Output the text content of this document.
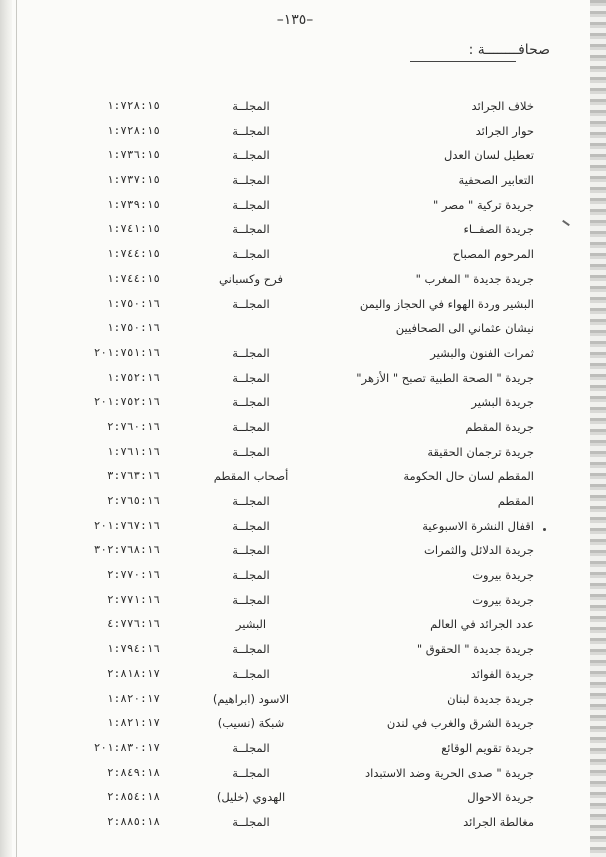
–١٣٥–
صحافــــــــة :
خلاف الجرائد
المجلــة
١:٧٢٨:١٥
حوار الجرائد
المجلــة
١:٧٢٨:١٥
تعطيل لسان العدل
المجلــة
١:٧٣٦:١٥
التعابير الصحفية
المجلــة
١:٧٣٧:١٥
جريدة تركية " مصر "
المجلــة
١:٧٣٩:١٥
جريدة الصفــاء
المجلــة
١:٧٤١:١٥
المرحوم المصباح
المجلــة
١:٧٤٤:١٥
جريدة جديدة " المغرب "
فرح وكسباني
١:٧٤٤:١٥
البشير وردة الهواء في الحجاز واليمن
المجلــة
١:٧٥٠:١٦
نيشان عثماني الى الصحافيين
١:٧٥٠:١٦
ثمرات الفنون والبشير
المجلــة
٢٠١:٧٥١:١٦
جريدة " الصحة الطبية تصبح " الأزهر"
المجلــة
١:٧٥٢:١٦
جريدة البشير
المجلــة
٢٠١:٧٥٢:١٦
جريدة المقطم
المجلــة
٢:٧٦٠:١٦
جريدة ترجمان الحقيقة
المجلــة
١:٧٦١:١٦
المقطم لسان حال الحكومة
أصحاب المقطم
٣:٧٦٣:١٦
المقطم
المجلــة
٢:٧٦٥:١٦
اقفال النشرة الاسبوعية
المجلــة
٢٠١:٧٦٧:١٦
جريدة الدلائل والثمرات
المجلــة
٣٠٢:٧٦٨:١٦
جريدة بيروت
المجلــة
٢:٧٧٠:١٦
جريدة بيروت
المجلــة
٢:٧٧١:١٦
عدد الجرائد في العالم
البشير
٤:٧٧٦:١٦
جريدة جديدة " الحقوق "
المجلــة
١:٧٩٤:١٦
جريدة الفوائد
المجلــة
٢:٨١٨:١٧
جريدة جديدة لبنان
الاسود (ابراهيم)
١:٨٢٠:١٧
جريدة الشرق والغرب في لندن
شبكة (نسيب)
١:٨٢١:١٧
جريدة تقويم الوقائع
المجلــة
٢٠١:٨٣٠:١٧
جريدة " صدى الحرية وضد الاستبداد
المجلــة
٢:٨٤٩:١٨
جريدة الاحوال
الهدوي (خليل)
٢:٨٥٤:١٨
مغالطة الجرائد
المجلــة
٢:٨٨٥:١٨
